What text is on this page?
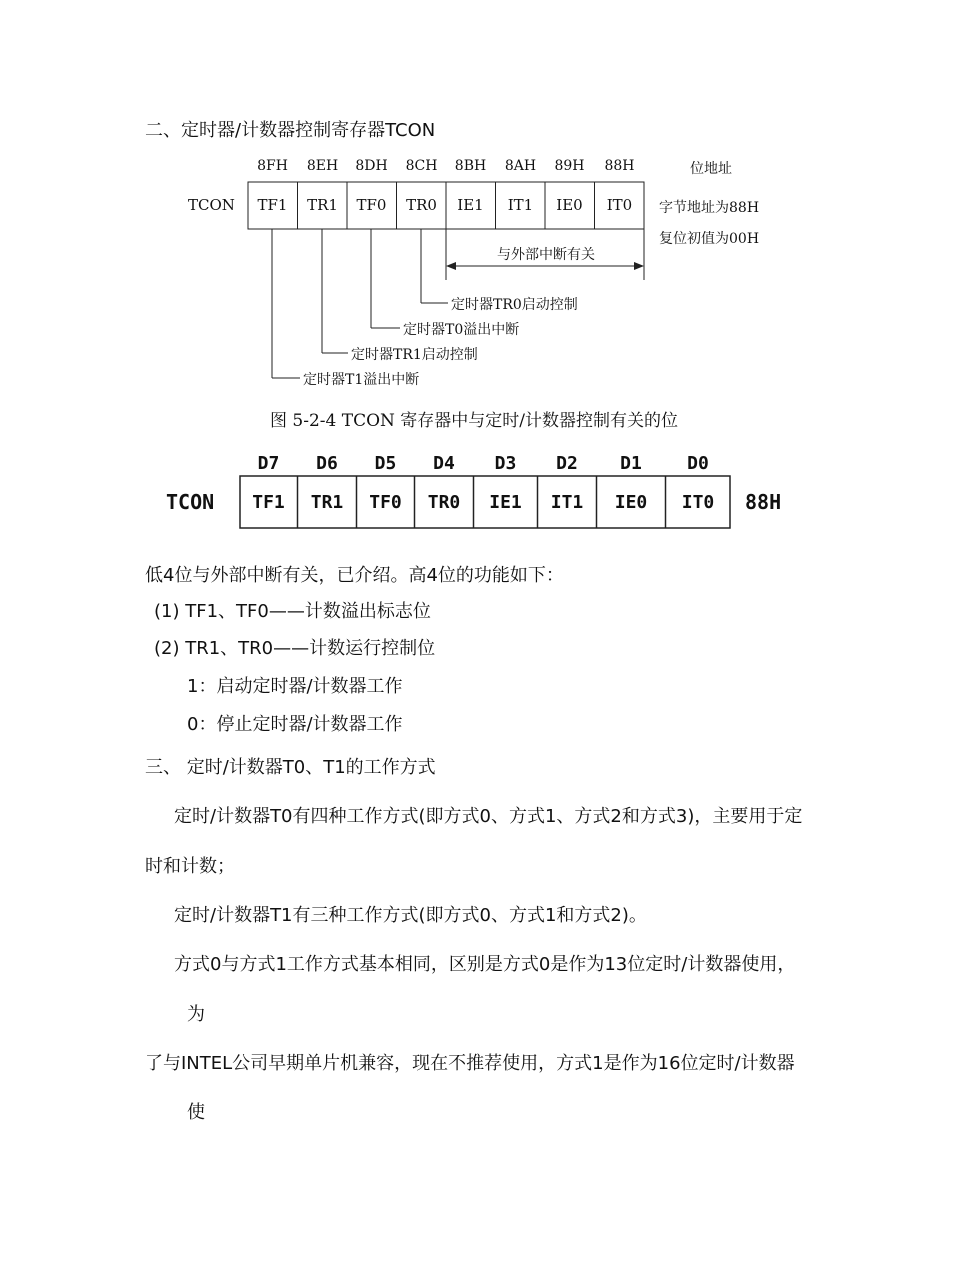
二、定时器/计数器控制寄存器TCON
8FH	8EH	8DH	8CH	8BH	8AH	89H	88H	位地址
TCON	TF1	TR1	TF0	TR0	IE1	IT1	IE0	IT0	字节地址为88H
复位初值为00H
与外部中断有关
定时器TR0启动控制
定时器T0溢出中断
定时器TR1启动控制
定时器T1溢出中断
图 5-2-4 TCON 寄存器中与定时/计数器控制有关的位
D7	D6	D5	D4	D3	D2	D1	D0
TCON	TF1	TR1	TF0	TR0	IE1	IT1	IE0	IT0	88H
低4位与外部中断有关，已介绍。高4位的功能如下：
(1) TF1、TF0——计数溢出标志位
(2) TR1、TR0——计数运行控制位
1：启动定时器/计数器工作
0：停止定时器/计数器工作
三、 定时/计数器T0、T1的工作方式
定时/计数器T0有四种工作方式(即方式0、方式1、方式2和方式3)，主要用于定
时和计数；
定时/计数器T1有三种工作方式(即方式0、方式1和方式2)。
方式0与方式1工作方式基本相同，区别是方式0是作为13位定时/计数器使用，
为
了与INTEL公司早期单片机兼容，现在不推荐使用，方式1是作为16位定时/计数器
使
